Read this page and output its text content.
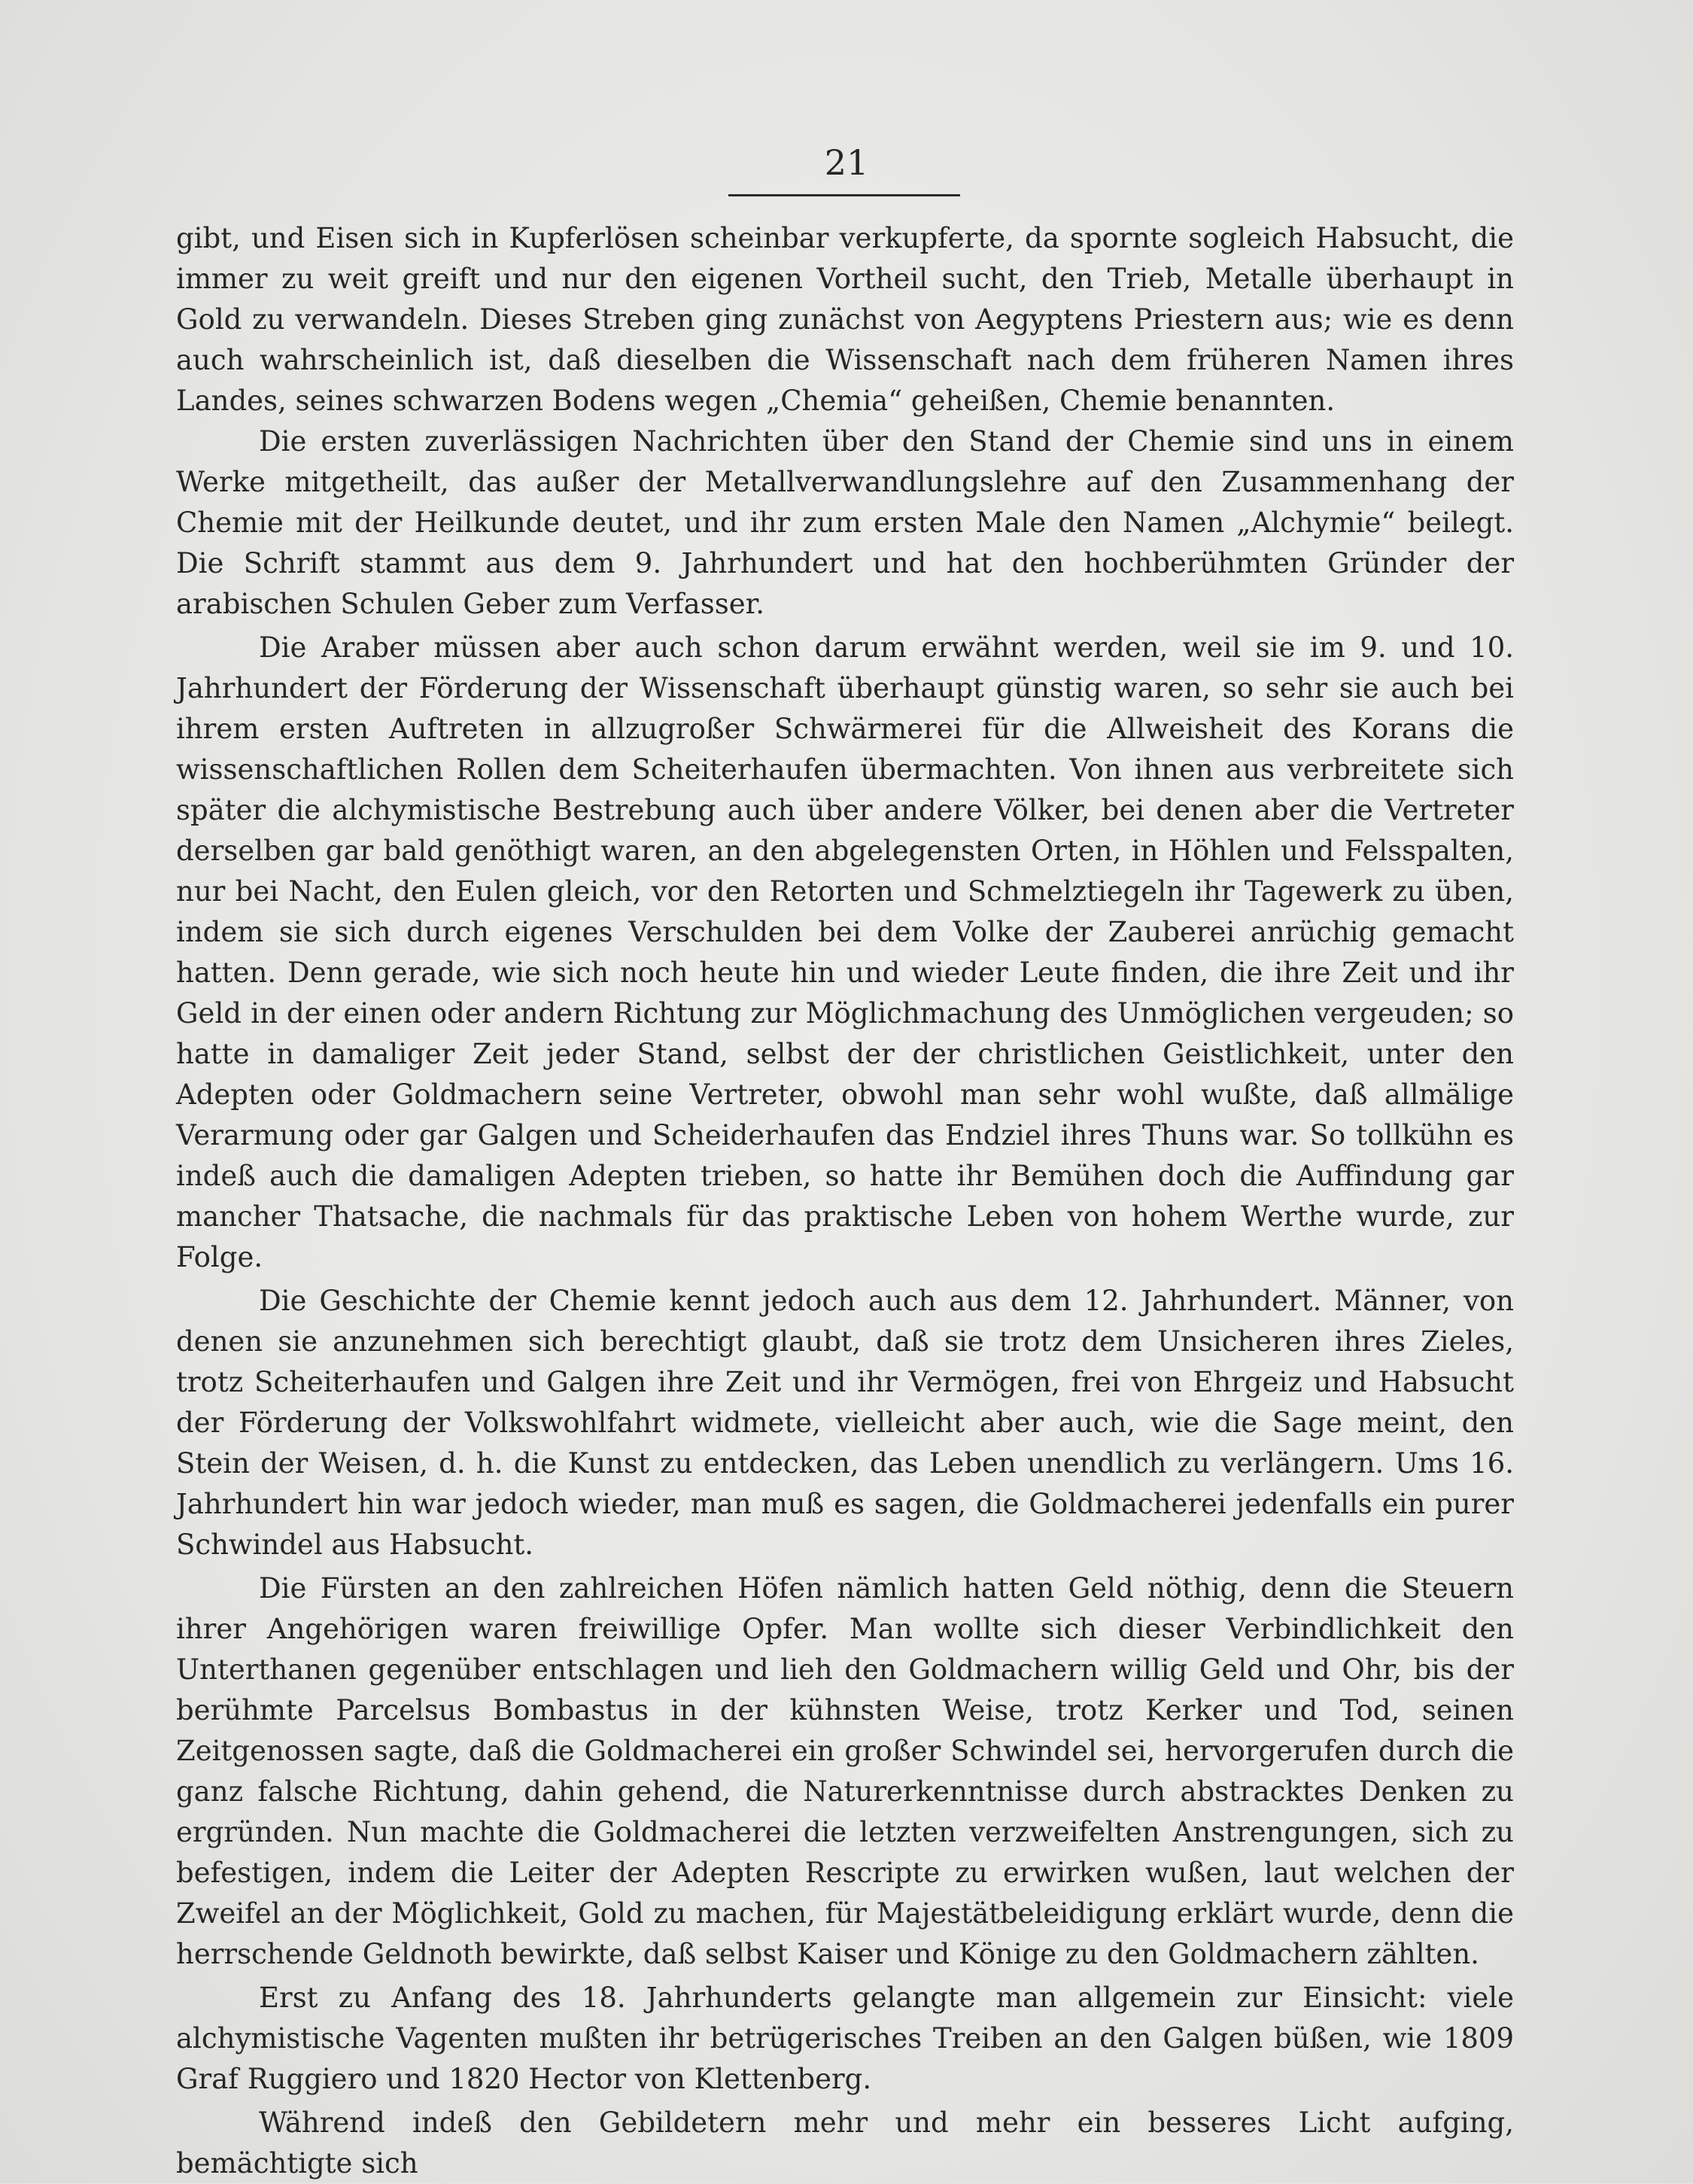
21

gibt, und Eisen sich in Kupferlösen scheinbar verkupferte, da spornte sogleich Habsucht, die immer zu weit greift und nur den eigenen Vortheil sucht, den Trieb, Metalle überhaupt in Gold zu verwandeln. Dieses Streben ging zunächst von Aegyptens Priestern aus; wie es denn auch wahrscheinlich ist, daß dieselben die Wissenschaft nach dem früheren Namen ihres Landes, seines schwarzen Bodens wegen „Chemia“ geheißen, Chemie benannten.

Die ersten zuverlässigen Nachrichten über den Stand der Chemie sind uns in einem Werke mitgetheilt, das außer der Metallverwandlungslehre auf den Zusammenhang der Chemie mit der Heilkunde deutet, und ihr zum ersten Male den Namen „Alchymie“ beilegt. Die Schrift stammt aus dem 9. Jahrhundert und hat den hochberühmten Gründer der arabischen Schulen Geber zum Verfasser.

Die Araber müssen aber auch schon darum erwähnt werden, weil sie im 9. und 10. Jahrhundert der Förderung der Wissenschaft überhaupt günstig waren, so sehr sie auch bei ihrem ersten Auftreten in allzugroßer Schwärmerei für die Allweisheit des Korans die wissenschaftlichen Rollen dem Scheiterhaufen übermachten. Von ihnen aus verbreitete sich später die alchymistische Bestrebung auch über andere Völker, bei denen aber die Vertreter derselben gar bald genöthigt waren, an den abgelegensten Orten, in Höhlen und Felsspalten, nur bei Nacht, den Eulen gleich, vor den Retorten und Schmelztiegeln ihr Tagewerk zu üben, indem sie sich durch eigenes Verschulden bei dem Volke der Zauberei anrüchig gemacht hatten. Denn gerade, wie sich noch heute hin und wieder Leute finden, die ihre Zeit und ihr Geld in der einen oder andern Richtung zur Möglichmachung des Unmöglichen vergeuden; so hatte in damaliger Zeit jeder Stand, selbst der der christlichen Geistlichkeit, unter den Adepten oder Goldmachern seine Vertreter, obwohl man sehr wohl wußte, daß allmälige Verarmung oder gar Galgen und Scheiderhaufen das Endziel ihres Thuns war. So tollkühn es indeß auch die damaligen Adepten trieben, so hatte ihr Bemühen doch die Auffindung gar mancher Thatsache, die nachmals für das praktische Leben von hohem Werthe wurde, zur Folge.

Die Geschichte der Chemie kennt jedoch auch aus dem 12. Jahrhundert. Männer, von denen sie anzunehmen sich berechtigt glaubt, daß sie trotz dem Unsicheren ihres Zieles, trotz Scheiterhaufen und Galgen ihre Zeit und ihr Vermögen, frei von Ehrgeiz und Habsucht der Förderung der Volkswohlfahrt widmete, vielleicht aber auch, wie die Sage meint, den Stein der Weisen, d. h. die Kunst zu entdecken, das Leben unendlich zu verlängern. Ums 16. Jahrhundert hin war jedoch wieder, man muß es sagen, die Goldmacherei jedenfalls ein purer Schwindel aus Habsucht.

Die Fürsten an den zahlreichen Höfen nämlich hatten Geld nöthig, denn die Steuern ihrer Angehörigen waren freiwillige Opfer. Man wollte sich dieser Verbindlichkeit den Unterthanen gegenüber entschlagen und lieh den Goldmachern willig Geld und Ohr, bis der berühmte Parcelsus Bombastus in der kühnsten Weise, trotz Kerker und Tod, seinen Zeitgenossen sagte, daß die Goldmacherei ein großer Schwindel sei, hervorgerufen durch die ganz falsche Richtung, dahin gehend, die Naturerkenntnisse durch abstracktes Denken zu ergründen. Nun machte die Goldmacherei die letzten verzweifelten Anstrengungen, sich zu befestigen, indem die Leiter der Adepten Rescripte zu erwirken wußen, laut welchen der Zweifel an der Möglichkeit, Gold zu machen, für Majestätbeleidigung erklärt wurde, denn die herrschende Geldnoth bewirkte, daß selbst Kaiser und Könige zu den Goldmachern zählten.

Erst zu Anfang des 18. Jahrhunderts gelangte man allgemein zur Einsicht: viele alchymistische Vagenten mußten ihr betrügerisches Treiben an den Galgen büßen, wie 1809 Graf Ruggiero und 1820 Hector von Klettenberg.

Während indeß den Gebildetern mehr und mehr ein besseres Licht aufging, bemächtigte sich
